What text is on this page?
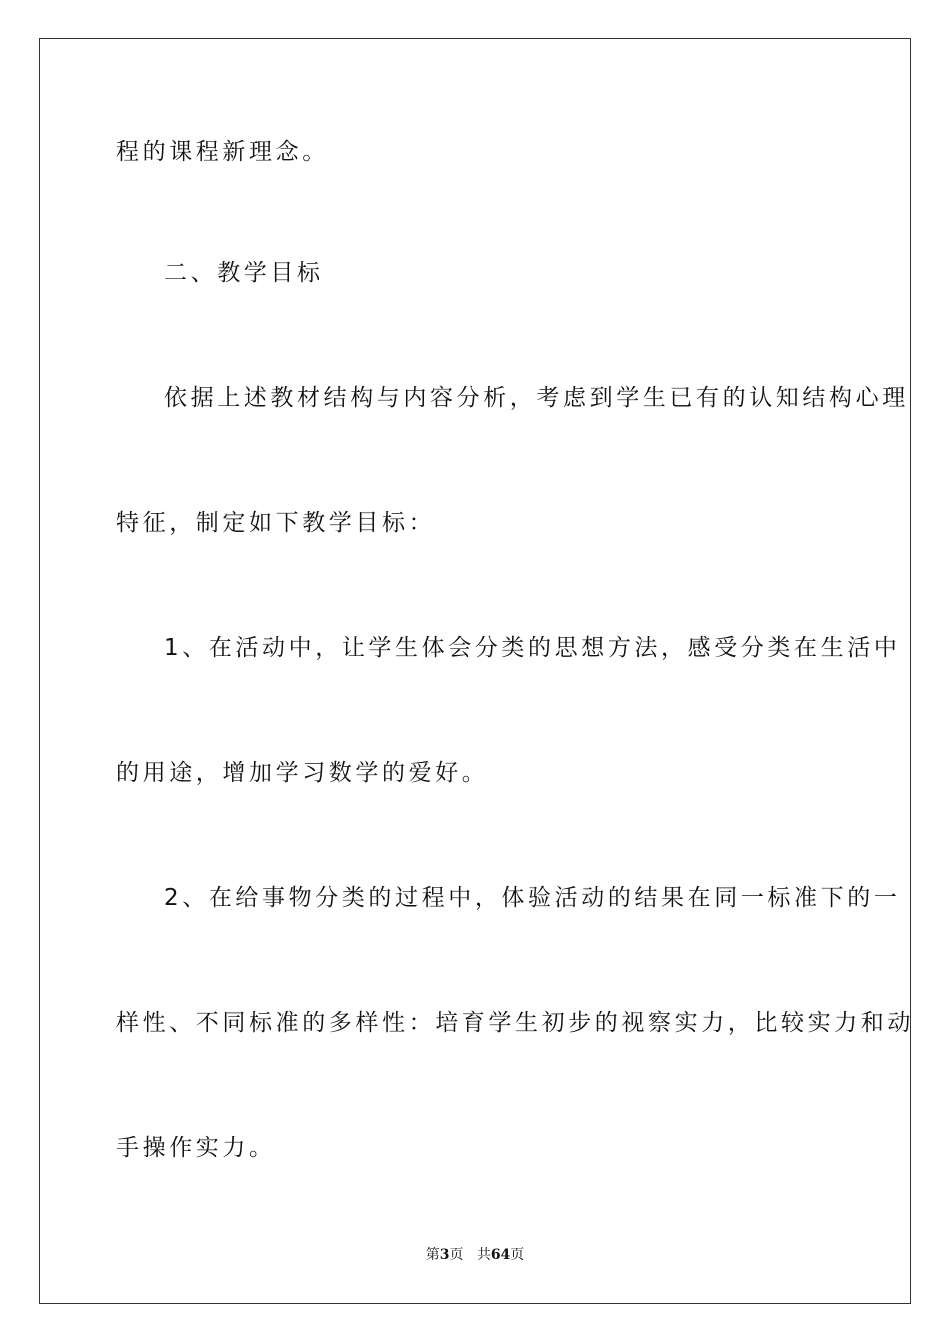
程的课程新理念。
二、教学目标
依据上述教材结构与内容分析，考虑到学生已有的认知结构心理
特征，制定如下教学目标：
1、在活动中，让学生体会分类的思想方法，感受分类在生活中
的用途，增加学习数学的爱好。
2、在给事物分类的过程中，体验活动的结果在同一标准下的一
样性、不同标准的多样性：培育学生初步的视察实力，比较实力和动
手操作实力。
第3页 共64页
